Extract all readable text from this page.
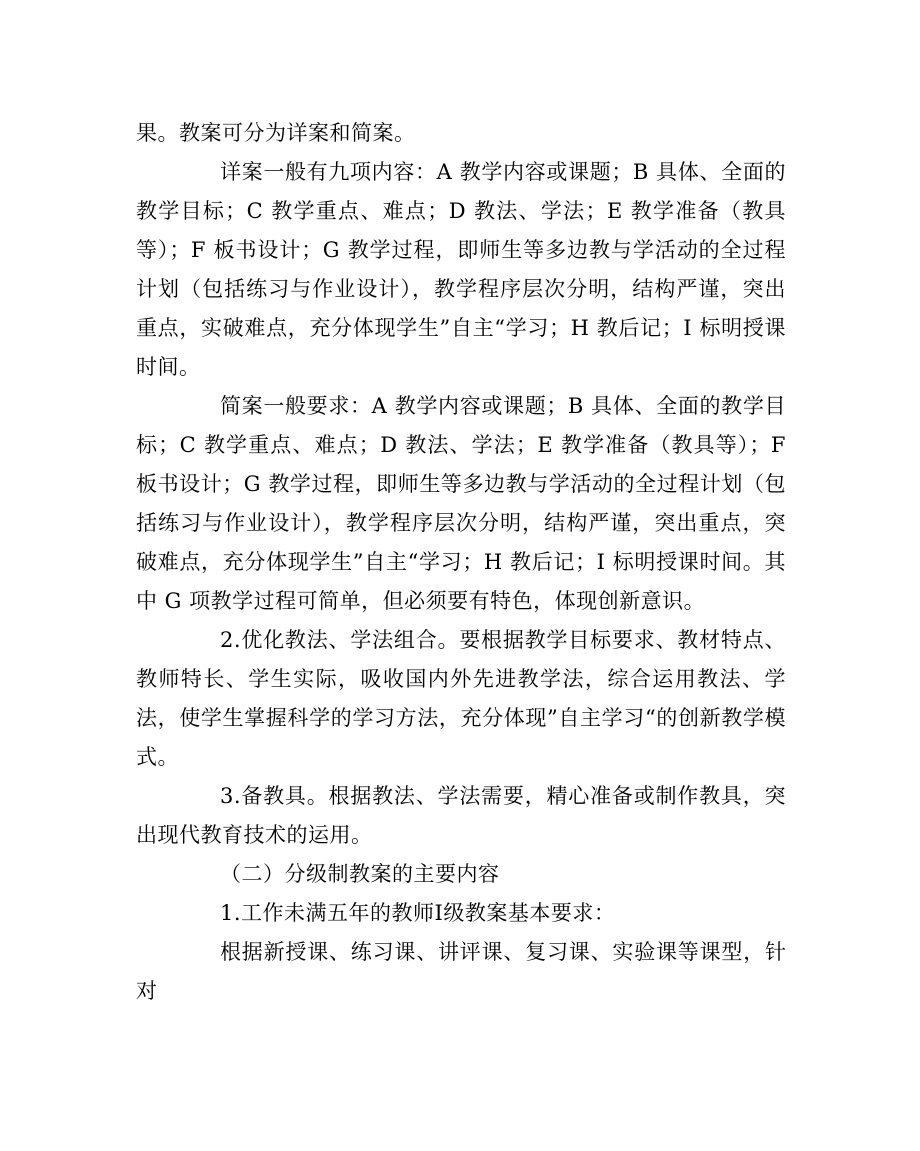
果。教案可分为详案和简案。

详案一般有九项内容：A 教学内容或课题；B 具体、全面的教学目标；C 教学重点、难点；D 教法、学法；E 教学准备（教具等）；F 板书设计；G 教学过程，即师生等多边教与学活动的全过程计划（包括练习与作业设计），教学程序层次分明，结构严谨，突出重点，实破难点，充分体现学生”自主“学习；H 教后记；I 标明授课时间。

简案一般要求：A 教学内容或课题；B 具体、全面的教学目标；C 教学重点、难点；D 教法、学法；E 教学准备（教具等）；F 板书设计；G 教学过程，即师生等多边教与学活动的全过程计划（包括练习与作业设计），教学程序层次分明，结构严谨，突出重点，突破难点，充分体现学生”自主“学习；H 教后记；I 标明授课时间。其中 G 项教学过程可简单，但必须要有特色，体现创新意识。

2.优化教法、学法组合。要根据教学目标要求、教材特点、教师特长、学生实际，吸收国内外先进教学法，综合运用教法、学法，使学生掌握科学的学习方法，充分体现”自主学习“的创新教学模式。

3.备教具。根据教法、学法需要，精心准备或制作教具，突出现代教育技术的运用。

（二）分级制教案的主要内容

1.工作未满五年的教师Ⅰ级教案基本要求：

根据新授课、练习课、讲评课、复习课、实验课等课型，针对
